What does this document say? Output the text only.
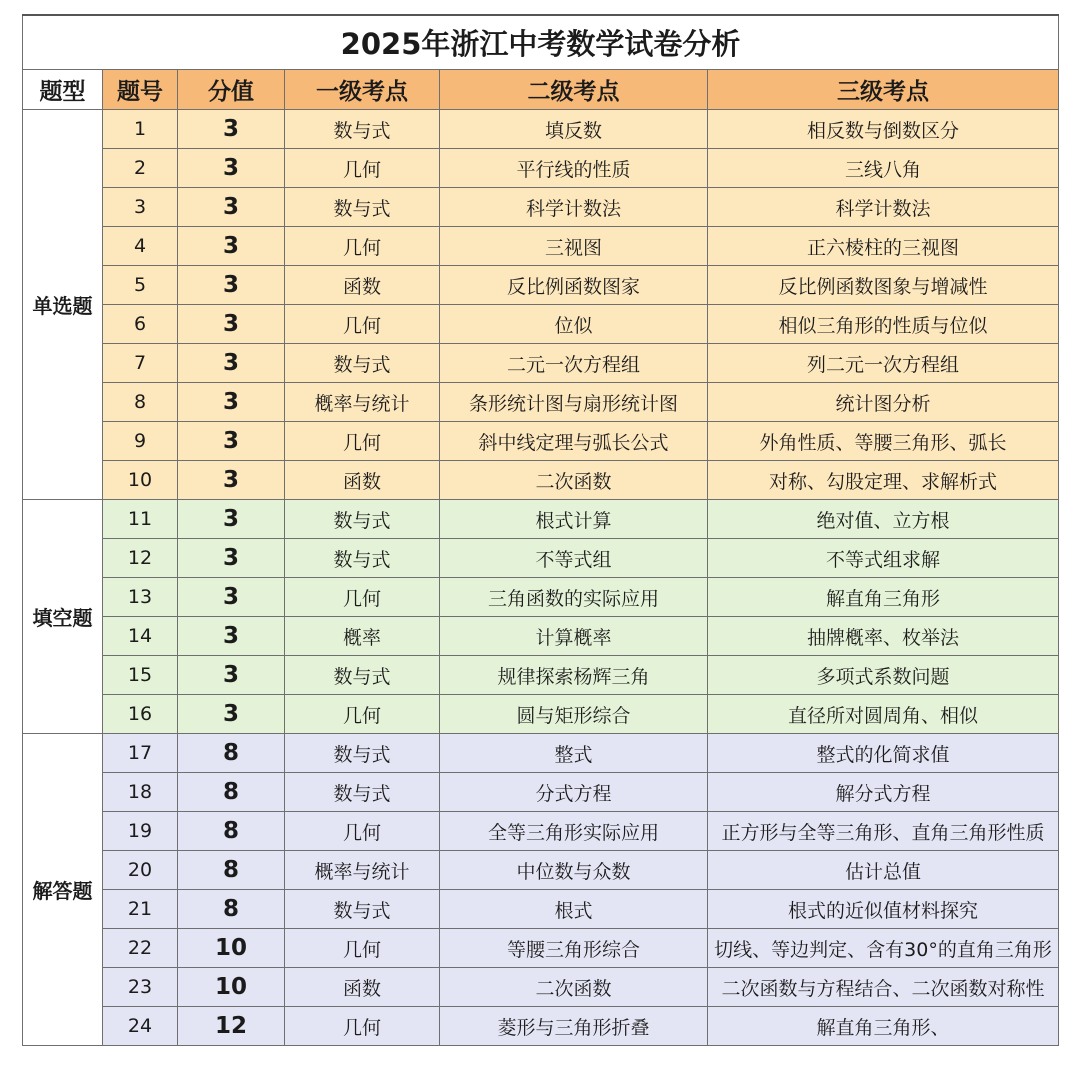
2025年浙江中考数学试卷分析					
题型	题号	分值	一级考点	二级考点	三级考点
单选题	1	3	数与式	填反数	相反数与倒数区分
	2	3	几何	平行线的性质	三线八角
	3	3	数与式	科学计数法	科学计数法
	4	3	几何	三视图	正六棱柱的三视图
	5	3	函数	反比例函数图家	反比例函数图象与增减性
	6	3	几何	位似	相似三角形的性质与位似
	7	3	数与式	二元一次方程组	列二元一次方程组
	8	3	槪率与统计	条形统计图与扇形统计图	统计图分析
	9	3	几何	斜中线定理与弧长公式	外角性质、等腰三角形、弧长
	10	3	函数	二次函数	对称、勾股定理、求解析式
填空题	11	3	数与式	根式计算	绝对值、立方根
	12	3	数与式	不等式组	不等式组求解
	13	3	几何	三角函数的实际应用	解直角三角形
	14	3	槪率	计算槪率	抽牌槪率、枚举法
	15	3	数与式	规律探索杨辉三角	多项式系数问题
	16	3	几何	圆与矩形综合	直径所对圆周角、相似
解答题	17	8	数与式	整式	整式的化简求值
	18	8	数与式	分式方程	解分式方程
	19	8	几何	全等三角形实际应用	正方形与全等三角形、直角三角形性质
	20	8	概率与统计	中位数与众数	估计总值
	21	8	数与式	根式	根式的近似值材料探究
	22	10	几何	等腰三角形综合	切线、等边判定、含有30°的直角三角形
	23	10	函数	二次函数	二次函数与方程结合、二次函数对称性
	24	12	几何	菱形与三角形折叠	解直角三角形、
